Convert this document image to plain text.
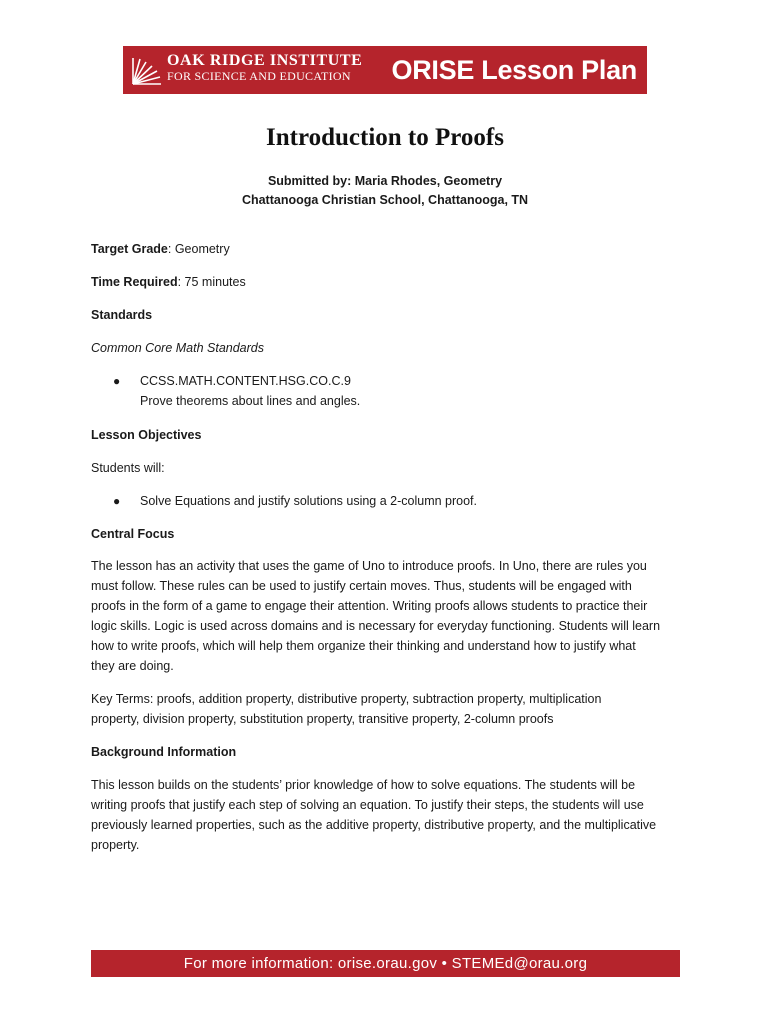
OAK RIDGE INSTITUTE
FOR SCIENCE AND EDUCATION	ORISE Lesson Plan
Introduction to Proofs
Submitted by: Maria Rhodes, Geometry
Chattanooga Christian School, Chattanooga, TN

Target Grade: Geometry

Time Required: 75 minutes

Standards

Common Core Math Standards

● CCSS.MATH.CONTENT.HSG.CO.C.9
Prove theorems about lines and angles.

Lesson Objectives

Students will:

● Solve Equations and justify solutions using a 2-column proof.

Central Focus

The lesson has an activity that uses the game of Uno to introduce proofs. In Uno, there are rules you
must follow. These rules can be used to justify certain moves. Thus, students will be engaged with
proofs in the form of a game to engage their attention. Writing proofs allows students to practice their
logic skills. Logic is used across domains and is necessary for everyday functioning. Students will learn
how to write proofs, which will help them organize their thinking and understand how to justify what
they are doing.
Key Terms: proofs, addition property, distributive property, subtraction property, multiplication
property, division property, substitution property, transitive property, 2-column proofs

Background Information

This lesson builds on the students’ prior knowledge of how to solve equations. The students will be
writing proofs that justify each step of solving an equation. To justify their steps, the students will use
previously learned properties, such as the additive property, distributive property, and the multiplicative
property.
For more information: orise.orau.gov • STEMEd@orau.org
